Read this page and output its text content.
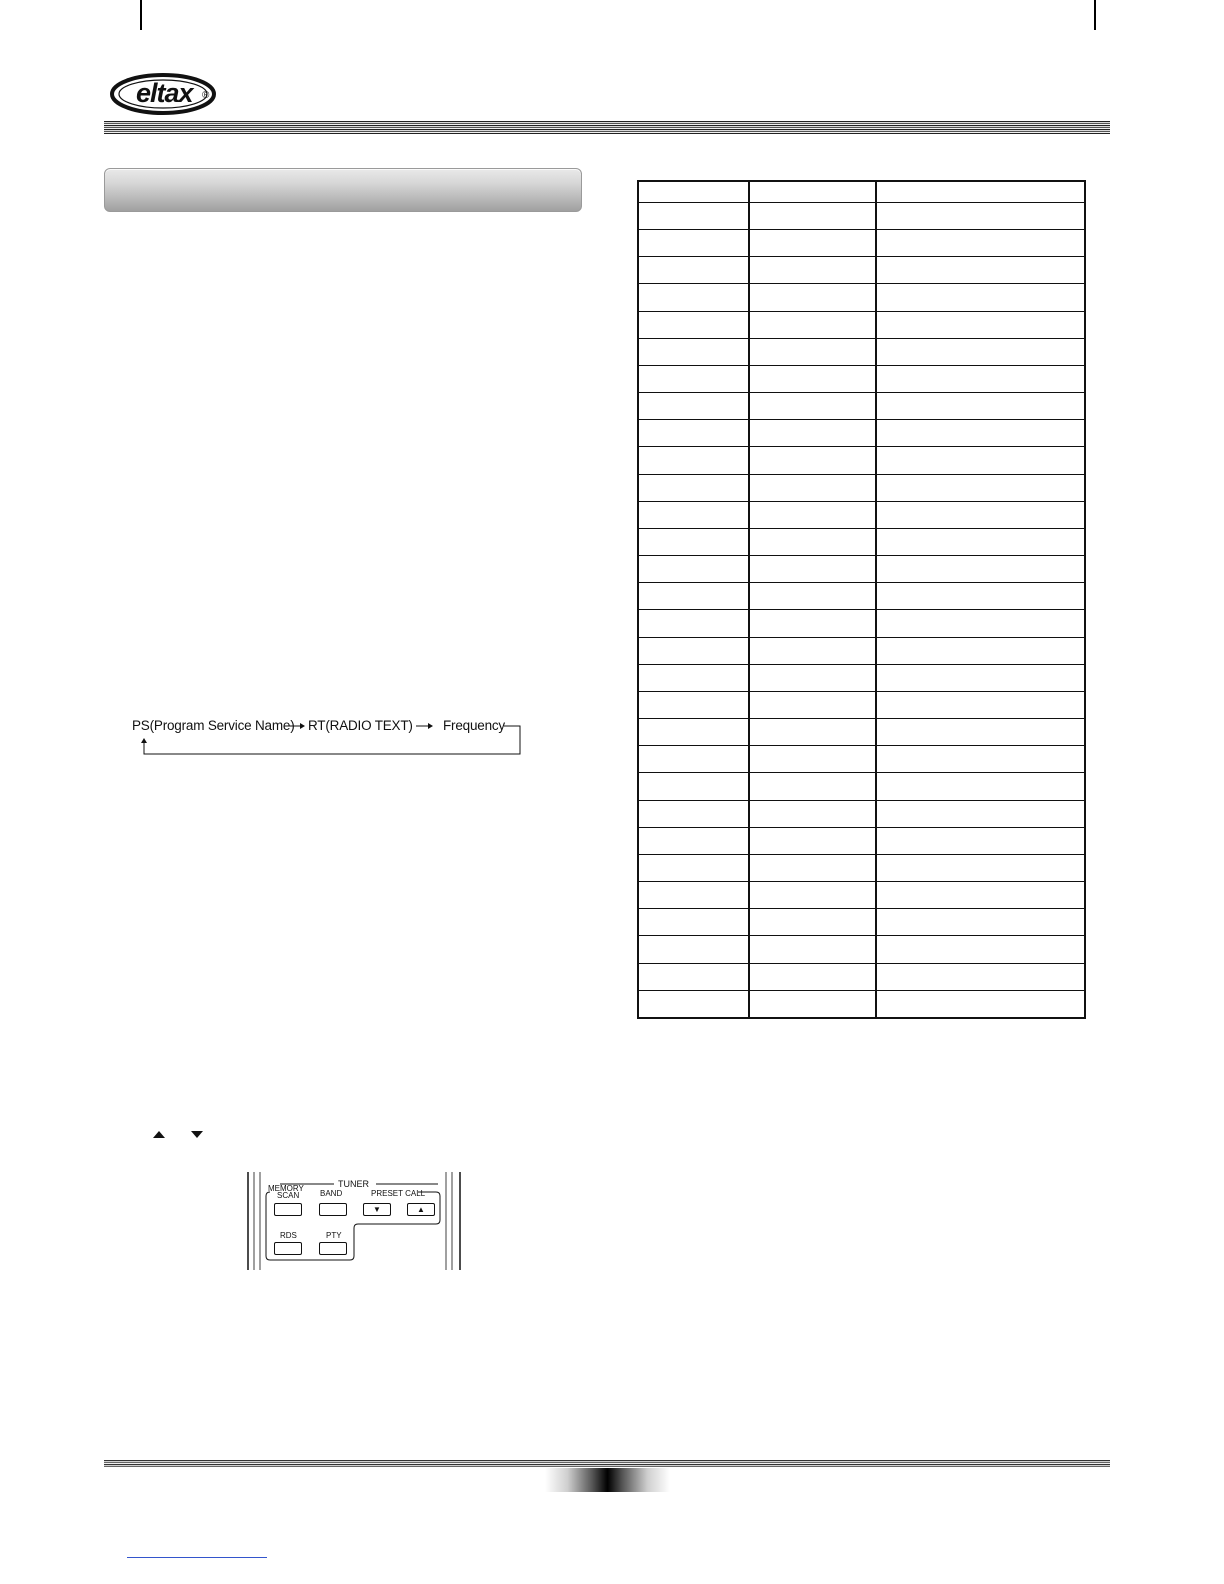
eltax ®
PS(Program Service Name) RT(RADIO TEXT) Frequency
TUNER
MEMORY
SCAN	BAND	PRESET CALL
▼	▲
RDS	PTY
